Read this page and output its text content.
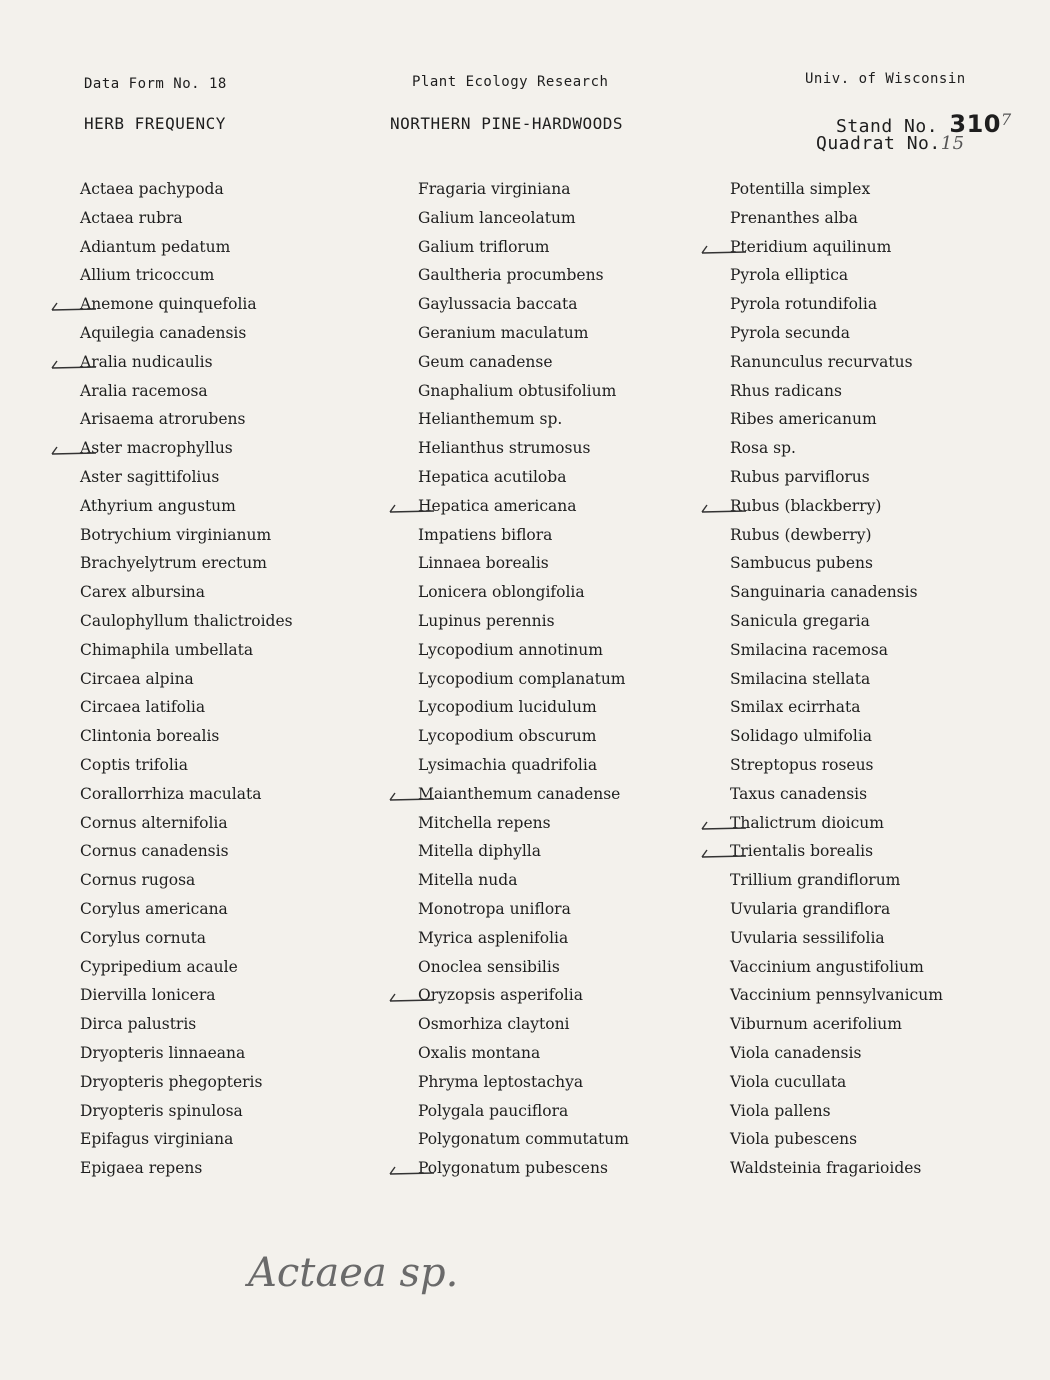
Data Form No. 18	Plant Ecology Research	Univ. of Wisconsin
HERB FREQUENCY	NORTHERN PINE-HARDWOODS	Stand No. 3107
Quadrat No.15
Actaea pachypoda
Actaea rubra
Adiantum pedatum
Allium tricoccum
Anemone quinquefolia
Aquilegia canadensis
Aralia nudicaulis
Aralia racemosa
Arisaema atrorubens
Aster macrophyllus
Aster sagittifolius
Athyrium angustum
Botrychium virginianum
Brachyelytrum erectum
Carex albursina
Caulophyllum thalictroides
Chimaphila umbellata
Circaea alpina
Circaea latifolia
Clintonia borealis
Coptis trifolia
Corallorrhiza maculata
Cornus alternifolia
Cornus canadensis
Cornus rugosa
Corylus americana
Corylus cornuta
Cypripedium acaule
Diervilla lonicera
Dirca palustris
Dryopteris linnaeana
Dryopteris phegopteris
Dryopteris spinulosa
Epifagus virginiana
Epigaea repens
Fragaria virginiana
Galium lanceolatum
Galium triflorum
Gaultheria procumbens
Gaylussacia baccata
Geranium maculatum
Geum canadense
Gnaphalium obtusifolium
Helianthemum sp.
Helianthus strumosus
Hepatica acutiloba
Hepatica americana
Impatiens biflora
Linnaea borealis
Lonicera oblongifolia
Lupinus perennis
Lycopodium annotinum
Lycopodium complanatum
Lycopodium lucidulum
Lycopodium obscurum
Lysimachia quadrifolia
Maianthemum canadense
Mitchella repens
Mitella diphylla
Mitella nuda
Monotropa uniflora
Myrica asplenifolia
Onoclea sensibilis
Oryzopsis asperifolia
Osmorhiza claytoni
Oxalis montana
Phryma leptostachya
Polygala pauciflora
Polygonatum commutatum
Polygonatum pubescens
Potentilla simplex
Prenanthes alba
Pteridium aquilinum
Pyrola elliptica
Pyrola rotundifolia
Pyrola secunda
Ranunculus recurvatus
Rhus radicans
Ribes americanum
Rosa sp.
Rubus parviflorus
Rubus (blackberry)
Rubus (dewberry)
Sambucus pubens
Sanguinaria canadensis
Sanicula gregaria
Smilacina racemosa
Smilacina stellata
Smilax ecirrhata
Solidago ulmifolia
Streptopus roseus
Taxus canadensis
Thalictrum dioicum
Trientalis borealis
Trillium grandiflorum
Uvularia grandiflora
Uvularia sessilifolia
Vaccinium angustifolium
Vaccinium pennsylvanicum
Viburnum acerifolium
Viola canadensis
Viola cucullata
Viola pallens
Viola pubescens
Waldsteinia fragarioides
Actaea sp.
